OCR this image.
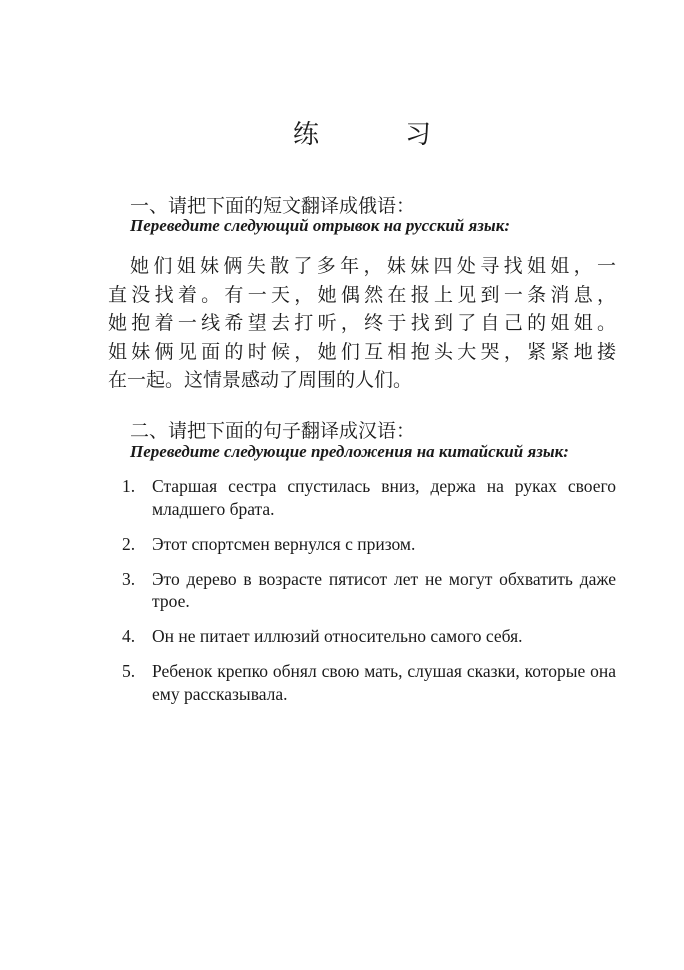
练　习
一、请把下面的短文翻译成俄语：
Переведите следующий отрывок на русский язык:
她们姐妹俩失散了多年，妹妹四处寻找姐姐，一
直没找着。有一天，她偶然在报上见到一条消息，
她抱着一线希望去打听，终于找到了自己的姐姐。
姐妹俩见面的时候，她们互相抱头大哭，紧紧地搂
在一起。这情景感动了周围的人们。
二、请把下面的句子翻译成汉语：
Переведите следующие предложения на китайский язык:
1. Старшая сестра спустилась вниз, держа на руках своего младшего брата.
2. Этот спортсмен вернулся с призом.
3. Это дерево в возрасте пятисот лет не могут обхватить даже трое.
4. Он не питает иллюзий относительно самого себя.
5. Ребенок крепко обнял свою мать, слушая сказки, которые она ему рассказывала.
